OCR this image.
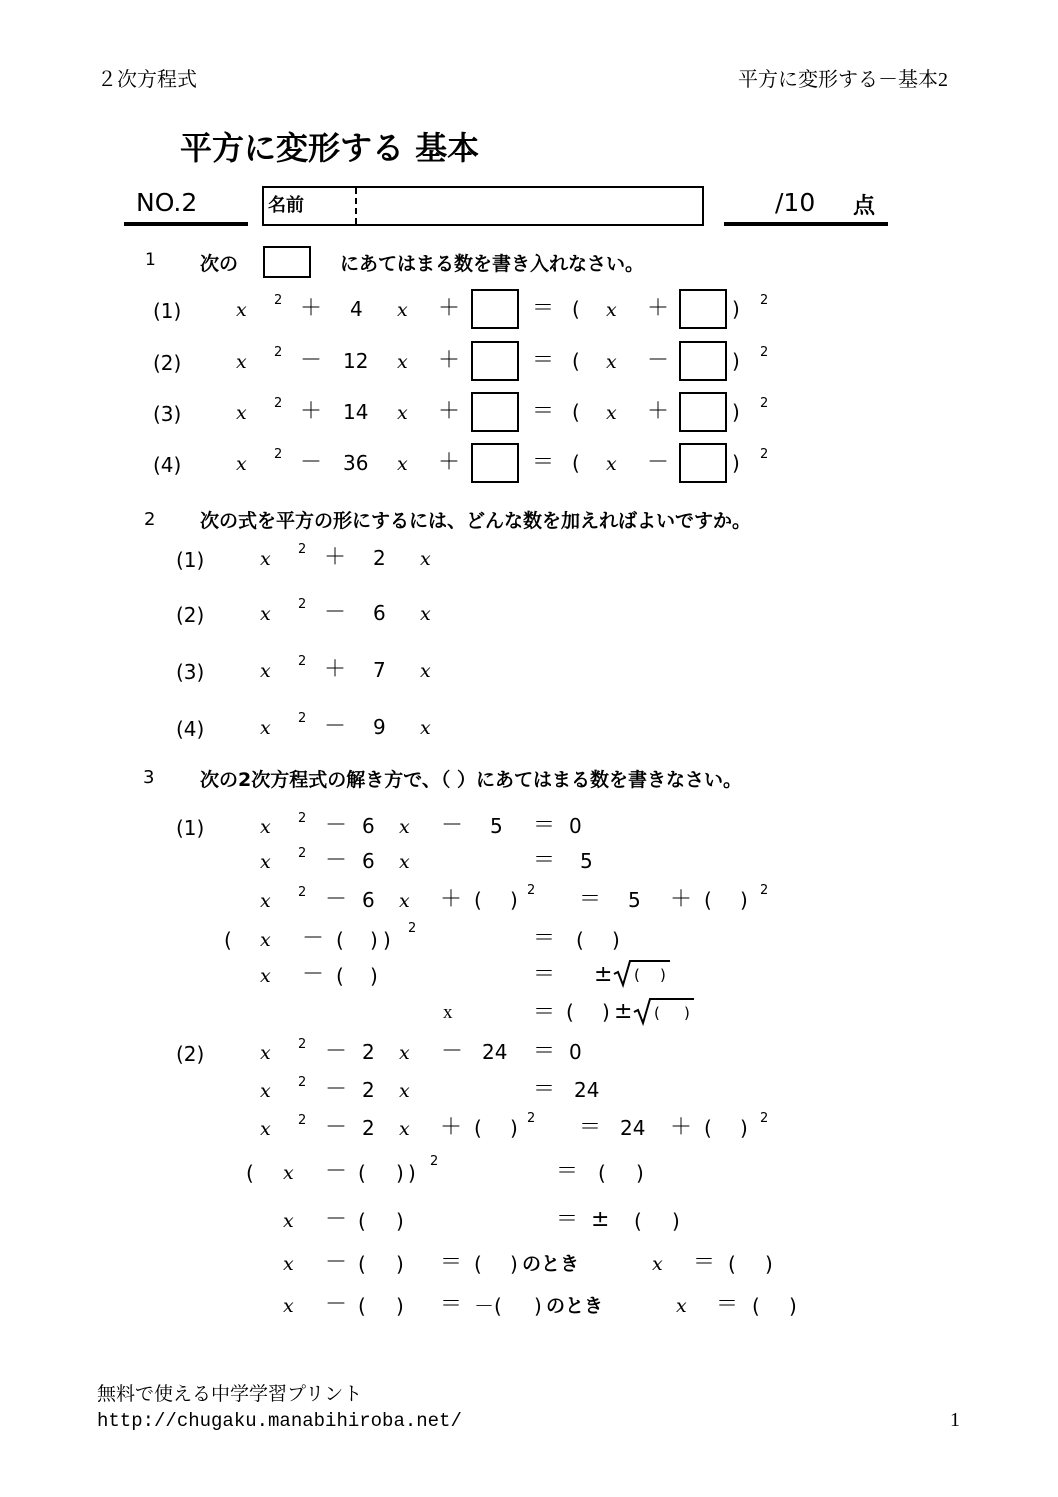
２次方程式	平方に変形する－基本2
平方に変形する 基本
NO.2	名前	/10 点
1 次の	にあてはまる数を書き入れなさい。
(1)	x 2 ＋ 4 x ＋	＝ ( x ＋	) 2
(2)	x 2 － 12 x ＋	＝ ( x －	) 2
(3)	x 2 ＋ 14 x ＋	＝ ( x ＋	) 2
(4)	x 2 － 36 x ＋	＝ ( x －	) 2
2 次の式を平方の形にするには、どんな数を加えればよいですか。
(1)	x 2 ＋ 2 x
(2)	x 2 － 6 x
(3)	x 2 ＋ 7 x
(4)	x 2 － 9 x
3 次の2次方程式の解き方で、（ ）にあてはまる数を書きなさい。
(1)	x 2 － 6 x － 5 ＝ 0
x 2 － 6 x	＝ 5
x 2 － 6 x ＋ ( ) 2 ＝ 5 ＋ ( ) 2
( x － ( ) ) 2	＝ ( )
x － ( )	＝ ± ( )
x	＝ ( ) ± ( )
(2)	x 2 － 2 x － 24 ＝ 0
x 2 － 2 x	＝ 24
x 2 － 2 x ＋ ( ) 2 ＝ 24 ＋ ( ) 2
( x － ( ) ) 2	＝ ( )
x － ( )	＝ ± ( )
x － ( ) ＝ ( ) のとき	x ＝ ( )
x － ( ) ＝ －( ) のとき	x ＝ ( )
無料で使える中学学習プリント
http://chugaku.manabihiroba.net/	1
